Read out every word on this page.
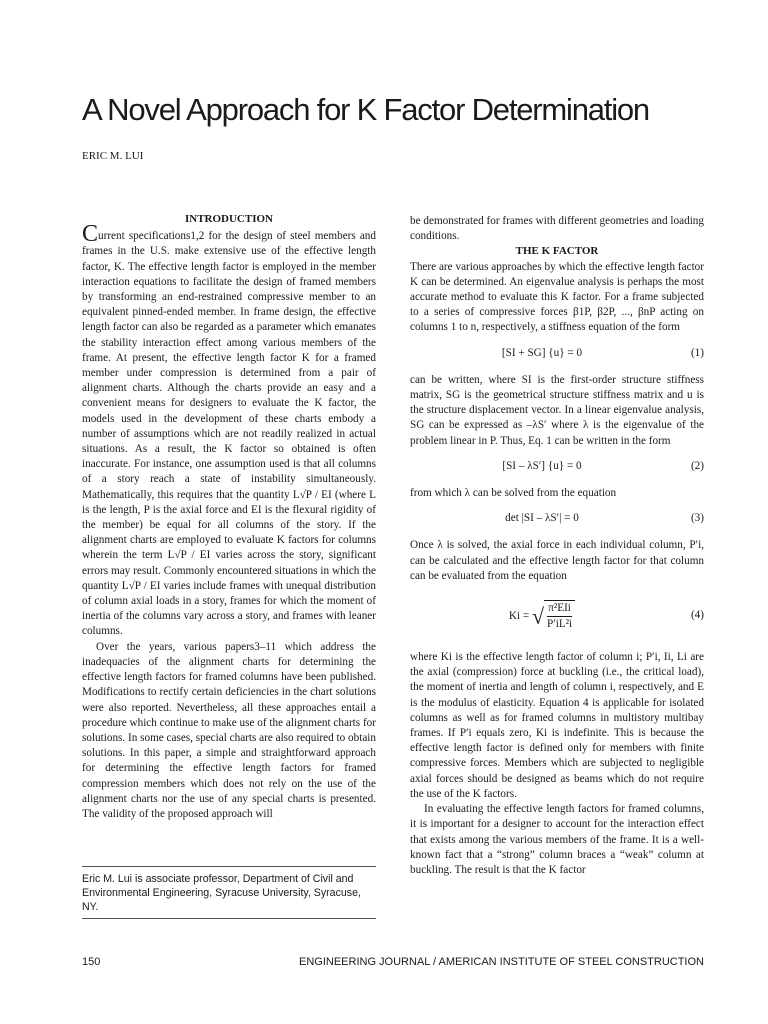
A Novel Approach for K Factor Determination
ERIC M. LUI

INTRODUCTION

Current specifications1,2 for the design of steel members and frames in the U.S. make extensive use of the effective length factor, K. The effective length factor is employed in the member interaction equations to facilitate the design of framed members by transforming an end-restrained compressive member to an equivalent pinned-ended member. In frame design, the effective length factor can also be regarded as a parameter which emanates the stability interaction effect among various members of the frame. At present, the effective length factor K for a framed member under compression is determined from a pair of alignment charts. Although the charts provide an easy and a convenient means for designers to evaluate the K factor, the models used in the development of these charts embody a number of assumptions which are not readily realized in actual situations. As a result, the K factor so obtained is often inaccurate. For instance, one assumption used is that all columns of a story reach a state of instability simultaneously. Mathematically, this requires that the quantity L√P / EI (where L is the length, P is the axial force and EI is the flexural rigidity of the member) be equal for all columns of the story. If the alignment charts are employed to evaluate K factors for columns wherein the term L√P / EI varies across the story, significant errors may result. Commonly encountered situations in which the quantity L√P / EI varies include frames with unequal distribution of column axial loads in a story, frames for which the moment of inertia of the columns vary across a story, and frames with leaner columns.

Over the years, various papers3–11 which address the inadequacies of the alignment charts for determining the effective length factors for framed columns have been published. Modifications to rectify certain deficiencies in the chart solutions were also reported. Nevertheless, all these approaches entail a procedure which continue to make use of the alignment charts for solutions. In some cases, special charts are also required to obtain solutions. In this paper, a simple and straightforward approach for determining the effective length factors for framed compression members which does not rely on the use of the alignment charts nor the use of any special charts is presented. The validity of the proposed approach will

Eric M. Lui is associate professor, Department of Civil and Environmental Engineering, Syracuse University, Syracuse, NY.

be demonstrated for frames with different geometries and loading conditions.

THE K FACTOR

There are various approaches by which the effective length factor K can be determined. An eigenvalue analysis is perhaps the most accurate method to evaluate this K factor. For a frame subjected to a series of compressive forces β1P, β2P, ..., βnP acting on columns 1 to n, respectively, a stiffness equation of the form

[SI + SG] {u} = 0	(1)

can be written, where SI is the first-order structure stiffness matrix, SG is the geometrical structure stiffness matrix and u is the structure displacement vector. In a linear eigenvalue analysis, SG can be expressed as –λS′ where λ is the eigenvalue of the problem linear in P. Thus, Eq. 1 can be written in the form

[SI – λS′] {u} = 0	(2)

from which λ can be solved from the equation

det |SI – λS′| = 0	(3)

Once λ is solved, the axial force in each individual column, P′i, can be calculated and the effective length factor for that column can be evaluated from the equation

Ki = √ $\frac{\text{π²EIi}}{\text{P′iL²i}}$	(4)

where Ki is the effective length factor of column i; P′i, Ii, Li are the axial (compression) force at buckling (i.e., the critical load), the moment of inertia and length of column i, respectively, and E is the modulus of elasticity. Equation 4 is applicable for isolated columns as well as for framed columns in multistory multibay frames. If P′i equals zero, Ki is indefinite. This is because the effective length factor is defined only for members with finite compressive forces. Members which are subjected to negligible axial forces should be designed as beams which do not require the use of the K factors.

In evaluating the effective length factors for framed columns, it is important for a designer to account for the interaction effect that exists among the various members of the frame. It is a well-known fact that a “strong” column braces a “weak” column at buckling. The result is that the K factor

150	ENGINEERING JOURNAL / AMERICAN INSTITUTE OF STEEL CONSTRUCTION
